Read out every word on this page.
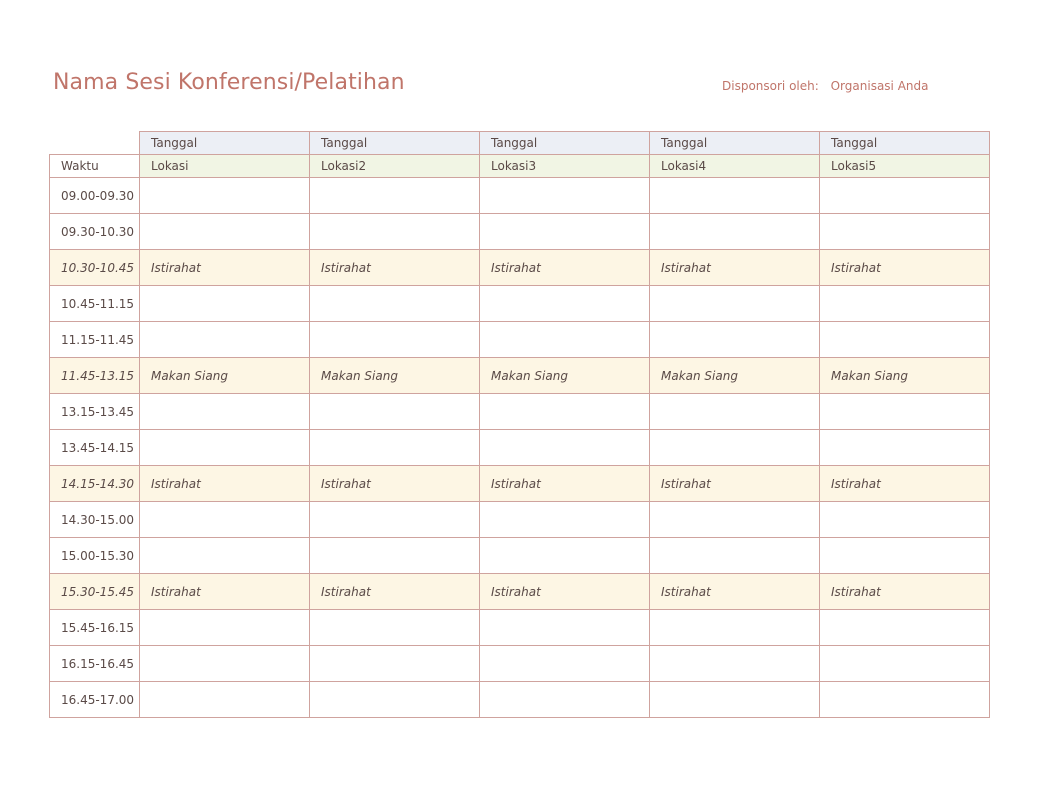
Nama Sesi Konferensi/Pelatihan	Disponsori oleh: Organisasi Anda
	Tanggal	Tanggal	Tanggal	Tanggal	Tanggal
Waktu	Lokasi	Lokasi2	Lokasi3	Lokasi4	Lokasi5
09.00-09.30					
09.30-10.30					
10.30-10.45	Istirahat	Istirahat	Istirahat	Istirahat	Istirahat
10.45-11.15					
11.15-11.45					
11.45-13.15	Makan Siang	Makan Siang	Makan Siang	Makan Siang	Makan Siang
13.15-13.45					
13.45-14.15					
14.15-14.30	Istirahat	Istirahat	Istirahat	Istirahat	Istirahat
14.30-15.00					
15.00-15.30					
15.30-15.45	Istirahat	Istirahat	Istirahat	Istirahat	Istirahat
15.45-16.15					
16.15-16.45					
16.45-17.00					
